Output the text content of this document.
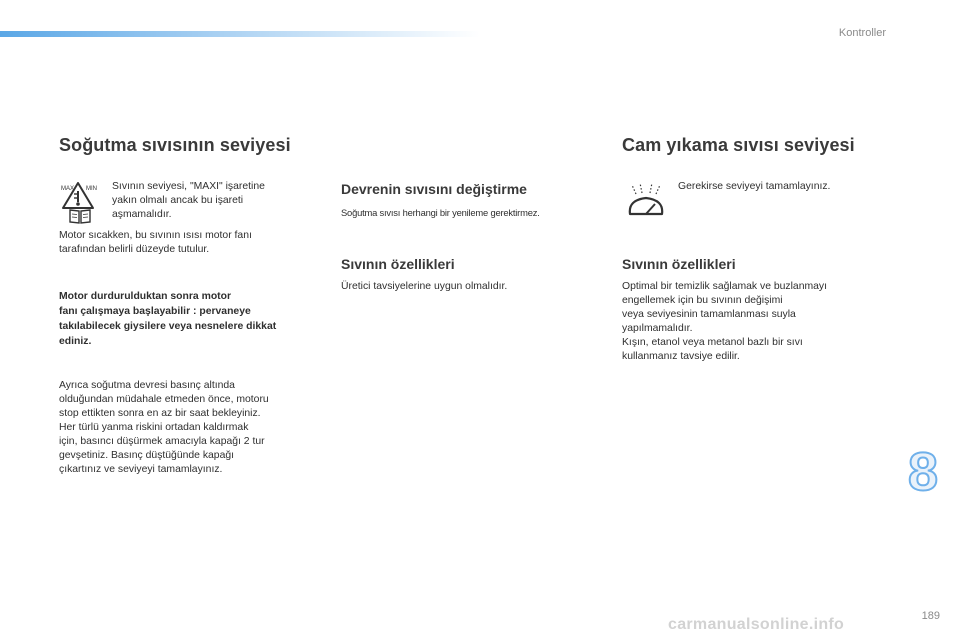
Kontroller
Soğutma sıvısının seviyesi
MAX MIN Sıvının seviyesi, "MAXI" işaretine
yakın olmalı ancak bu işareti
aşmamalıdır.

Motor sıcakken, bu sıvının ısısı motor fanı
tarafından belirli düzeyde tutulur.

Motor durdurulduktan sonra motor
fanı çalışmaya başlayabilir : pervaneye
takılabilecek giysilere veya nesnelere dikkat
ediniz.

Ayrıca soğutma devresi basınç altında
olduğundan müdahale etmeden önce, motoru
stop ettikten sonra en az bir saat bekleyiniz.
Her türlü yanma riskini ortadan kaldırmak
için, basıncı düşürmek amacıyla kapağı 2 tur
gevşetiniz. Basınç düştüğünde kapağı
çıkartınız ve seviyeyi tamamlayınız.

Devrenin sıvısını değiştirme

Soğutma sıvısı herhangi bir yenileme gerektirmez.

Sıvının özellikleri

Üretici tavsiyelerine uygun olmalıdır.

Cam yıkama sıvısı seviyesi

Gerekirse seviyeyi tamamlayınız.

Sıvının özellikleri

Optimal bir temizlik sağlamak ve buzlanmayı
engellemek için bu sıvının değişimi
veya seviyesinin tamamlanması suyla
yapılmamalıdır.
Kışın, etanol veya metanol bazlı bir sıvı
kullanmanız tavsiye edilir.

8
189
carmanualsonline.info
